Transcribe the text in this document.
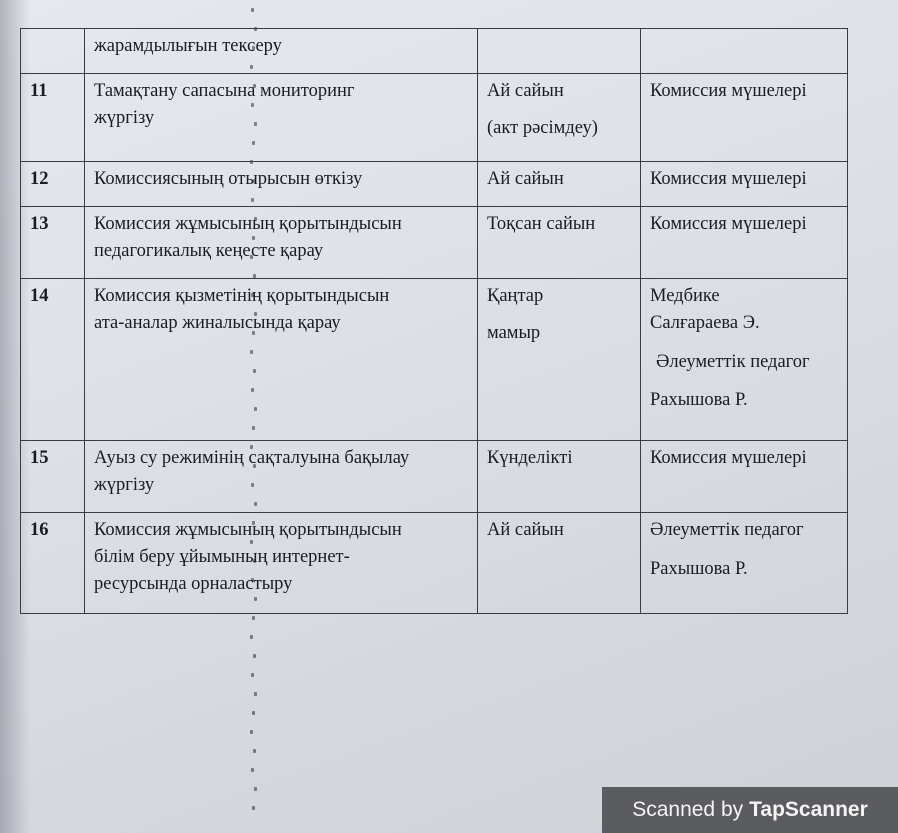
	жарамдылығын тексеру		

11	Тамақтану сапасына мониторинг
жүргізу	Ай сайын
(акт рәсімдеу)	Комиссия мүшелері

12	Комиссиясының отырысын өткізу	Ай сайын	Комиссия мүшелері

13	Комиссия жұмысының қорытындысын
педагогикалық кеңесте қарау	Тоқсан сайын	Комиссия мүшелері

14	Комиссия қызметінің қорытындысын
ата-аналар жиналысында қарау	Қаңтар
мамыр	Медбике
Салғараева Э.
Әлеуметтік педагог
Рахышова Р.

15	Ауыз су режимінің сақталуына бақылау
жүргізу	Күнделікті	Комиссия мүшелері

16	Комиссия жұмысының қорытындысын
білім беру ұйымының интернет-
ресурсында орналастыру	Ай сайын	Әлеуметтік педагог
Рахышова Р.
Scanned by TapScanner
